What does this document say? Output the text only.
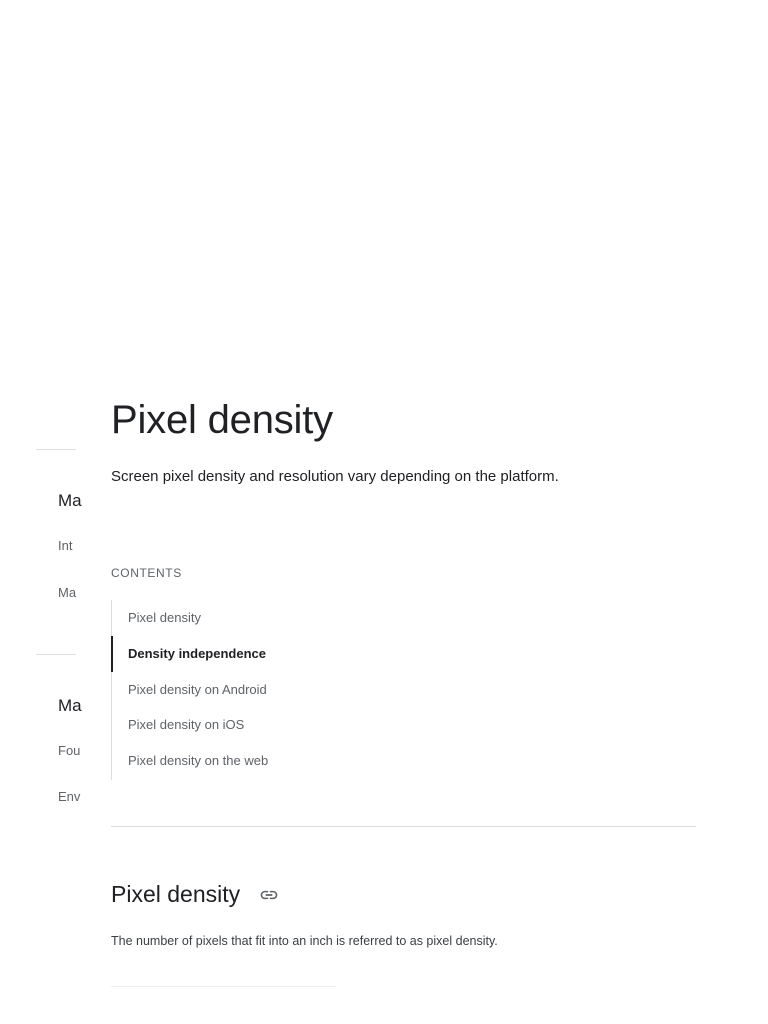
Ma
Int
Ma
Ma
Fou
Env
Pixel density

Screen pixel density and resolution vary depending on the platform.

CONTENTS
Pixel density
Density independence
Pixel density on Android
Pixel density on iOS
Pixel density on the web
Pixel density

The number of pixels that fit into an inch is referred to as pixel density.
